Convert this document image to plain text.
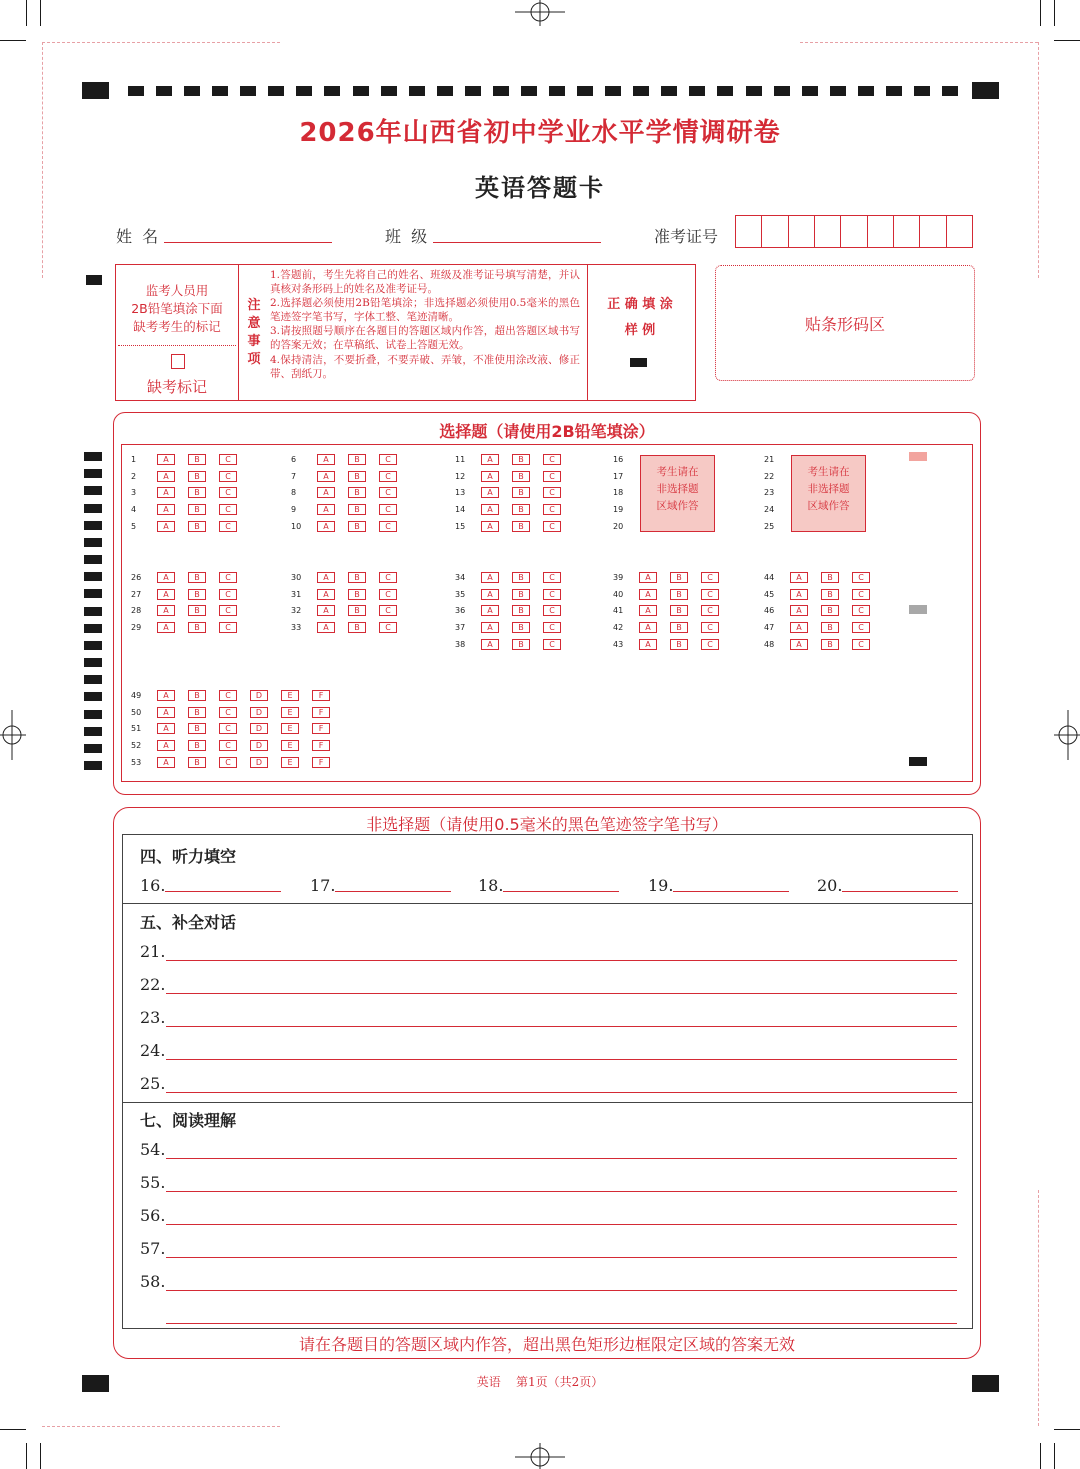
2026年山西省初中学业水平学情调研卷
英语答题卡
姓  名	班  级	准考证号
监考人员用
2B铅笔填涂下面
缺考考生的标记
缺考标记
注
意
事
项
1.答题前，考生先将自己的姓名、班级及准考证号填写清楚，并认真核对条形码上的姓名及准考证号。
2.选择题必须使用2B铅笔填涂；非选择题必须使用0.5毫米的黑色笔迹签字笔书写，字体工整、笔迹清晰。
3.请按照题号顺序在各题目的答题区域内作答，超出答题区域书写的答案无效；在草稿纸、试卷上答题无效。
4.保持清洁，不要折叠，不要弄破、弄皱，不准使用涂改液、修正带、刮纸刀。
正 确 填 涂
样 例	贴条形码区
选择题（请使用2B铅笔填涂）
1	A	B	C
2	A	B	C
3	A	B	C
4	A	B	C
5	A	B	C
6	A	B	C
7	A	B	C
8	A	B	C
9	A	B	C
10	A	B	C
11	A	B	C
12	A	B	C
13	A	B	C
14	A	B	C
15	A	B	C
16
17
18
19
20
21
22
23
24
25
26	A	B	C
27	A	B	C
28	A	B	C
29	A	B	C
30	A	B	C
31	A	B	C
32	A	B	C
33	A	B	C
34	A	B	C
35	A	B	C
36	A	B	C
37	A	B	C
38	A	B	C
39	A	B	C
40	A	B	C
41	A	B	C
42	A	B	C
43	A	B	C
44	A	B	C
45	A	B	C
46	A	B	C
47	A	B	C
48	A	B	C
49	A	B	C	D	E	F
50	A	B	C	D	E	F
51	A	B	C	D	E	F
52	A	B	C	D	E	F
53	A	B	C	D	E	F
考生请在
非选择题
区域作答
考生请在
非选择题
区域作答
非选择题（请使用0.5毫米的黑色笔迹签字笔书写）
四、听力填空
16.	17.	18.	19.	20.
五、补全对话
21.
22.
23.
24.
25.
七、阅读理解
54.
55.
56.
57.
58.
请在各题目的答题区域内作答，超出黑色矩形边框限定区域的答案无效
英语    第1页（共2页）
